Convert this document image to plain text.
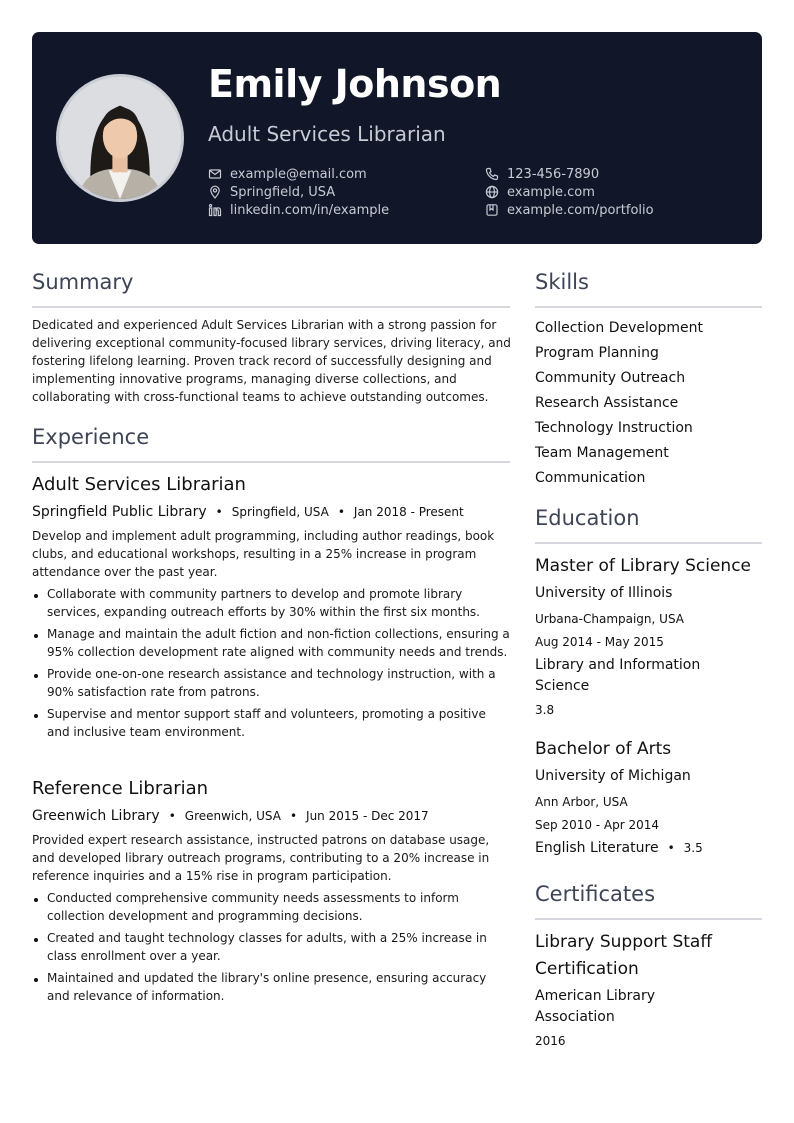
Emily Johnson
Adult Services Librarian
example@email.com	123-456-7890
Springfield, USA	example.com
linkedin.com/in/example	example.com/portfolio
Summary
Dedicated and experienced Adult Services Librarian with a strong passion for delivering exceptional community-focused library services, driving literacy, and fostering lifelong learning. Proven track record of successfully designing and implementing innovative programs, managing diverse collections, and collaborating with cross-functional teams to achieve outstanding outcomes.
Experience
Adult Services Librarian
Springfield Public Library • Springfield, USA • Jan 2018 - Present
Develop and implement adult programming, including author readings, book clubs, and educational workshops, resulting in a 25% increase in program attendance over the past year.
Collaborate with community partners to develop and promote library services, expanding outreach efforts by 30% within the first six months.
Manage and maintain the adult fiction and non-fiction collections, ensuring a 95% collection development rate aligned with community needs and trends.
Provide one-on-one research assistance and technology instruction, with a 90% satisfaction rate from patrons.
Supervise and mentor support staff and volunteers, promoting a positive and inclusive team environment.
Reference Librarian
Greenwich Library • Greenwich, USA • Jun 2015 - Dec 2017
Provided expert research assistance, instructed patrons on database usage, and developed library outreach programs, contributing to a 20% increase in reference inquiries and a 15% rise in program participation.
Conducted comprehensive community needs assessments to inform collection development and programming decisions.
Created and taught technology classes for adults, with a 25% increase in class enrollment over a year.
Maintained and updated the library's online presence, ensuring accuracy and relevance of information.
Skills
Collection Development
Program Planning
Community Outreach
Research Assistance
Technology Instruction
Team Management
Communication
Education
Master of Library Science
University of Illinois
Urbana-Champaign, USA
Aug 2014 - May 2015
Library and Information Science
3.8
Bachelor of Arts
University of Michigan
Ann Arbor, USA
Sep 2010 - Apr 2014
English Literature • 3.5
Certificates
Library Support Staff Certification
American Library Association
2016
